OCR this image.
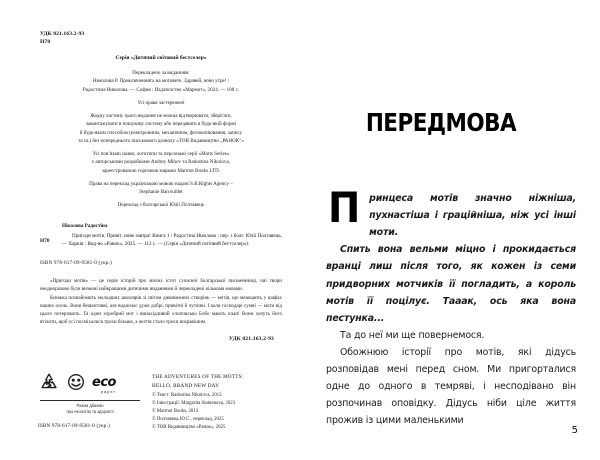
УДК 821.163.2-93
Н70
Серія «Дитячий світовий бестселер»
Перекладено за виданням:
Николова Р. Приключенията на мотовете. Здравей, ново утре! /
Радостина Николова. — София : Издателство «Мармот», 2024. — 108 с.
Усі права застережені
Жодну частину цього видання не можна відтворювати, зберігати,
завантажувати в пошукову систему або передавати в будь-якій формі
й будь-яким способом (електронним, механічним, фотокопіювання, запису
та ін.) без попереднього письмового дозволу «ТОВ Видавництво „РАНОК“»
Усі пов’язані назви, логотипи та персонажі серії «Motts Series»
є авторськими розробками Andrey Mihov та Radostina Nikolova,
зареєстрованою торговою маркою Marmot Books LTD.
Права на переклад українською мовою надані S.B.Rights Agency –
Stephanie Barrouillet
Переклад з болгарської Юлії Полтавець
Н70
Ніколова Радостіна
Пригоди мотів. Привіт, нове завтра! Книга 1 / Радостіна Ніколова ; пер. з болг. Юлії Полтавець. — Харків : Вид-во «Ранок», 2025. — 112 с. — (Серія «Дитячий світовий бестселер»).
ISBN 978-617-09-9581-0 (укр.)

«Пригоди мотів» — це серія історій про милих істот сучасної болгарської письменниці, чиї твори неодноразово були визнані найкращими дитячими виданнями й перекладені кількома мовами.

Книжка познайомить молодших школярів зі світом дивовижних створінь — мотів, що мешкають у шафах наших осель. Вони бешкетливі, але водночас дуже добрі, привітні й чутливі. І коли господарі сумні — моти від цього потерпають. Та один хоробрий мот і винахідливий хлопчисько Бобо мають план! Вони хочуть його втілити, щоб усі посміхалися трохи більше, а життя стало трохи яскравішим.

УДК 821.163.2-93
eco
paper
Разом дбаємо
про екологію та здоров’я
ISBN 978-617-09-9581-0 (укр.)
THE ADVENTURES OF THE MOTTS:
HELLO, BRAND NEW DAY
© Текст: Radostina Nikolova, 2013
© Ілюстрації: Margarita Stamenova, 2023
© Marmot Books, 2013
© Полтавець Ю.С., переклад, 2025
© ТОВ Видавництво «Ранок», 2025
ПЕРЕДМОВА
П ринцеса мотів значно ніжніша, пухнастіша і граційніша, ніж усі інші моти.

Спить вона вельми міцно і прокидається вранці лиш після того, як кожен із семи придворних мотчиків її погладить, а король мотів її поцілує. Тааак, ось яка вона пестунка...

Та до неї ми ще повернемося.

Обожнюю історії про мотів, які дідусь розповідав мені перед сном. Ми пригорталися одне до одного в темряві, і несподівано він розпочинав оповідку. Дідусь ніби ціле життя прожив із цими маленькими

5
